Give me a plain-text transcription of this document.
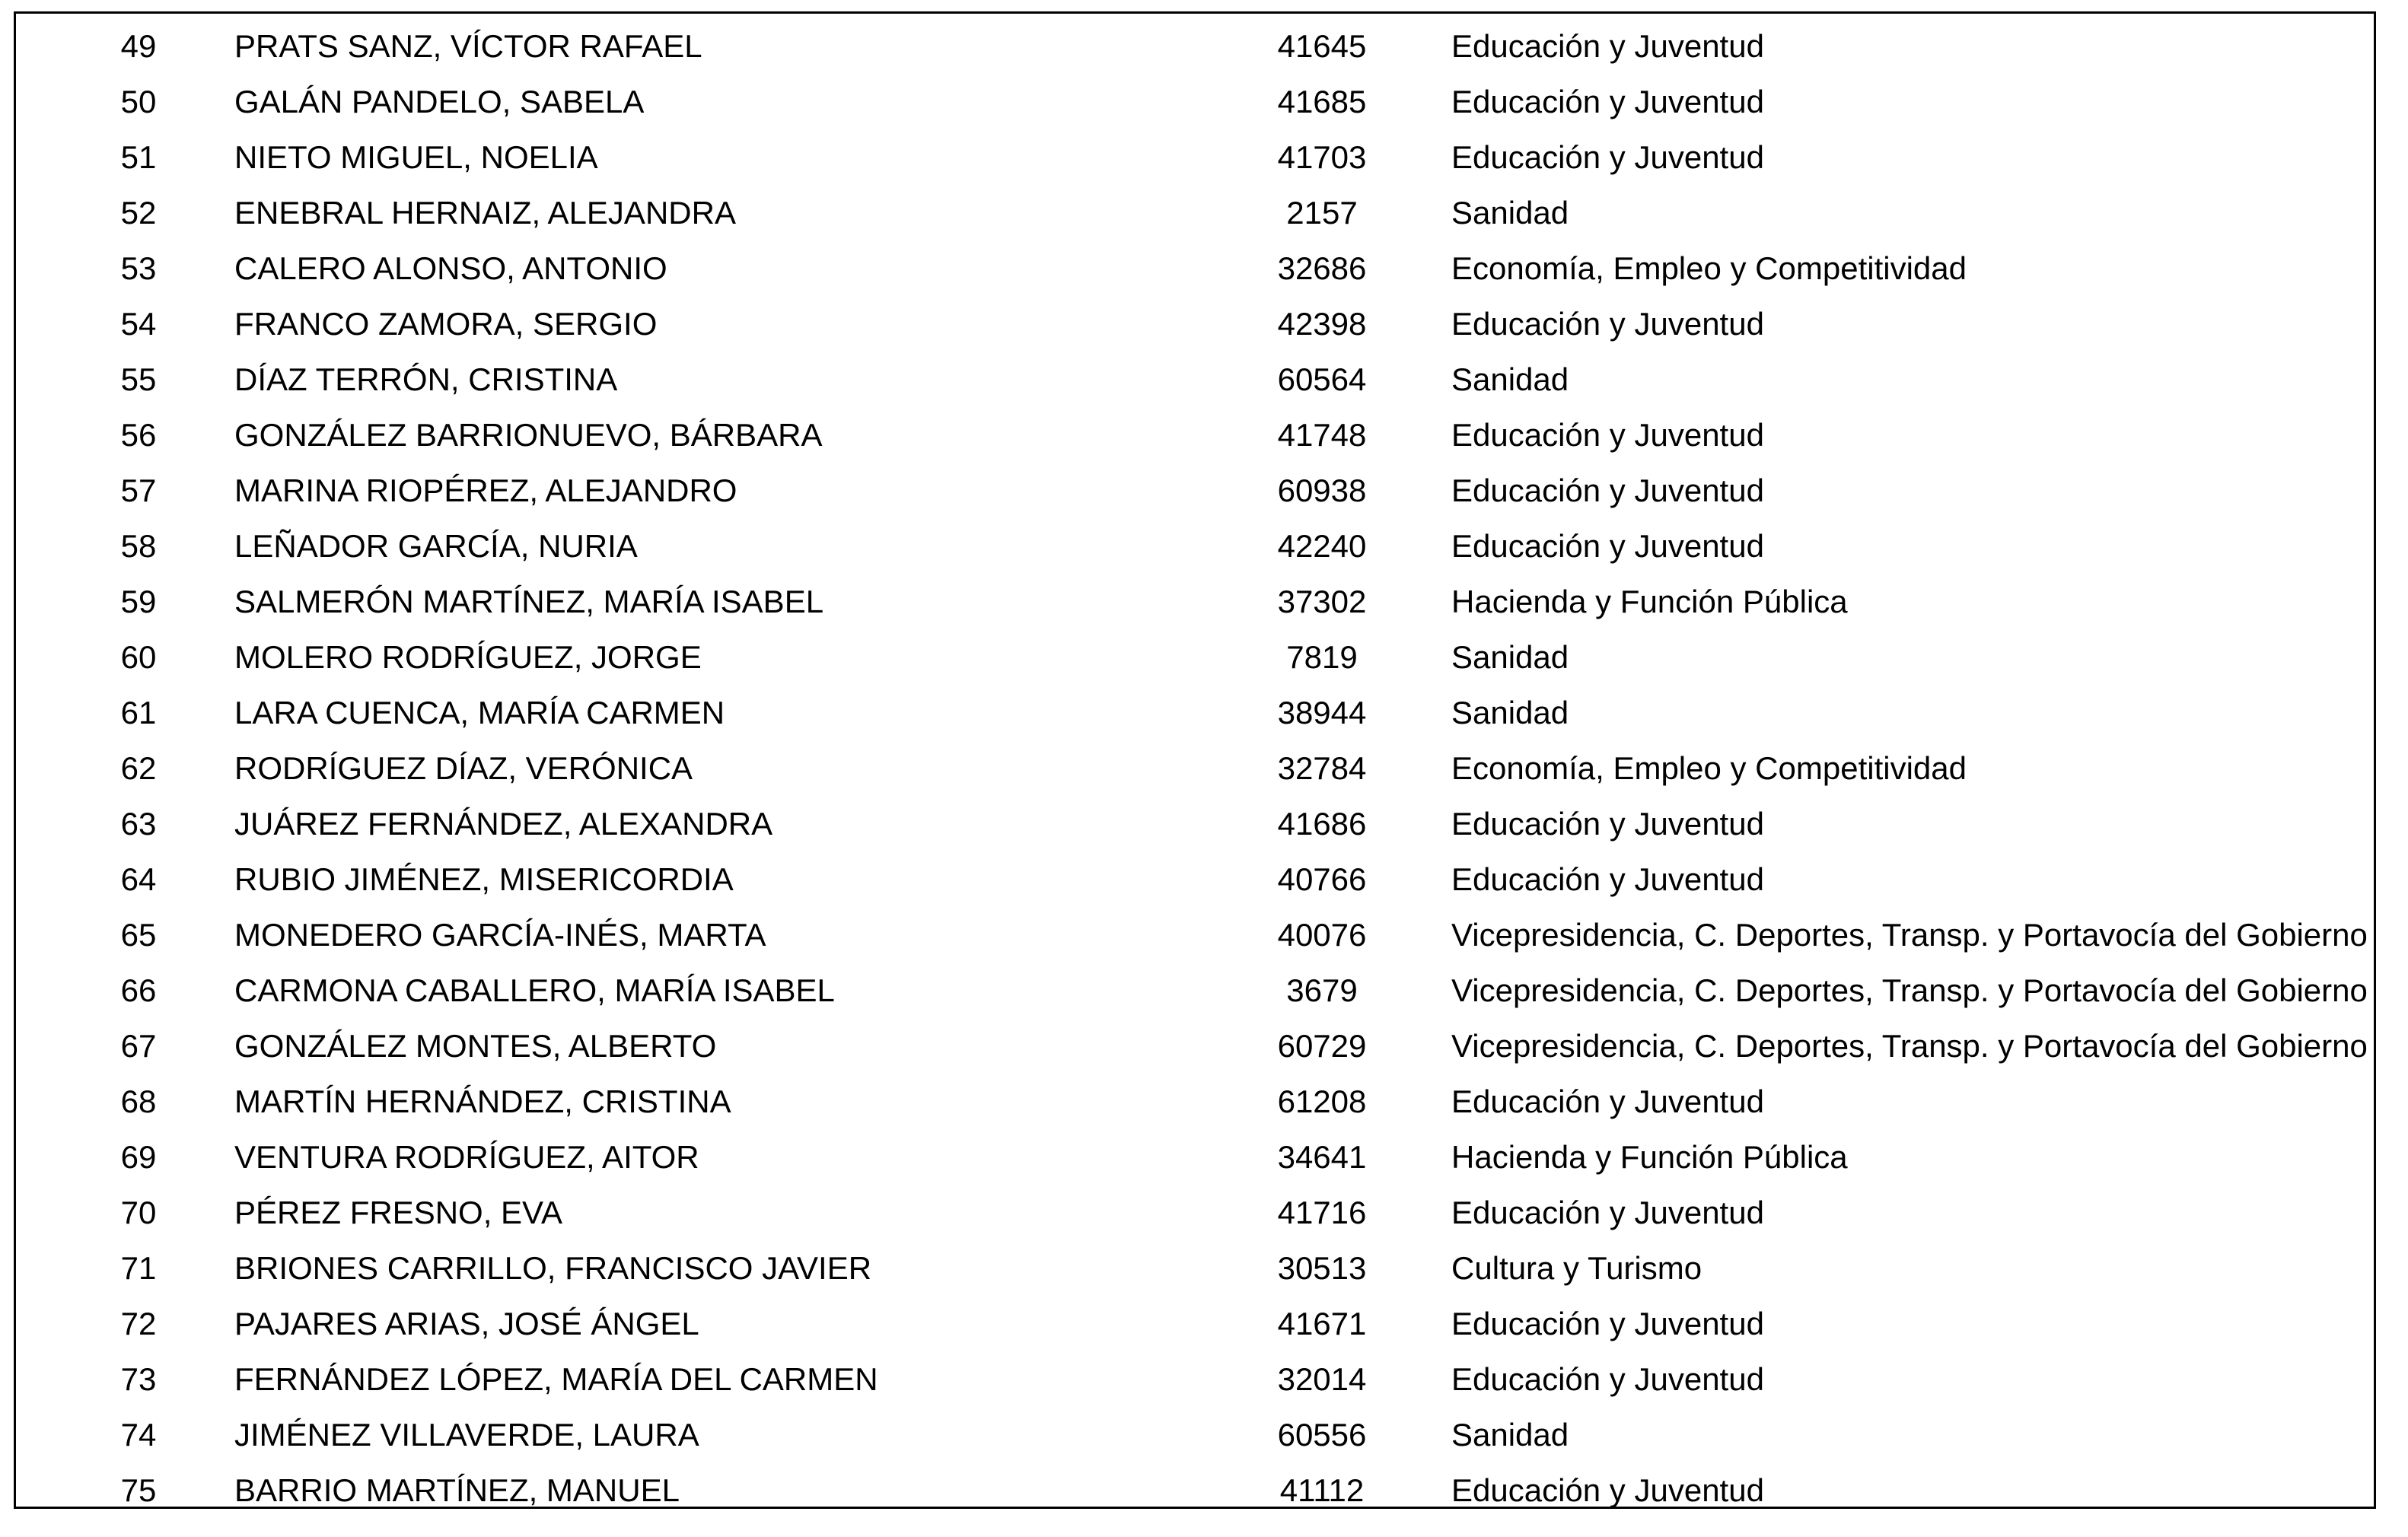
49	PRATS SANZ, VÍCTOR RAFAEL	41645	Educación y Juventud
50	GALÁN PANDELO, SABELA	41685	Educación y Juventud
51	NIETO MIGUEL, NOELIA	41703	Educación y Juventud
52	ENEBRAL HERNAIZ, ALEJANDRA	2157	Sanidad
53	CALERO ALONSO, ANTONIO	32686	Economía, Empleo y Competitividad
54	FRANCO ZAMORA, SERGIO	42398	Educación y Juventud
55	DÍAZ TERRÓN, CRISTINA	60564	Sanidad
56	GONZÁLEZ BARRIONUEVO, BÁRBARA	41748	Educación y Juventud
57	MARINA RIOPÉREZ, ALEJANDRO	60938	Educación y Juventud
58	LEÑADOR GARCÍA, NURIA	42240	Educación y Juventud
59	SALMERÓN MARTÍNEZ, MARÍA ISABEL	37302	Hacienda y Función Pública
60	MOLERO RODRÍGUEZ, JORGE	7819	Sanidad
61	LARA CUENCA, MARÍA CARMEN	38944	Sanidad
62	RODRÍGUEZ DÍAZ, VERÓNICA	32784	Economía, Empleo y Competitividad
63	JUÁREZ FERNÁNDEZ, ALEXANDRA	41686	Educación y Juventud
64	RUBIO JIMÉNEZ, MISERICORDIA	40766	Educación y Juventud
65	MONEDERO GARCÍA-INÉS, MARTA	40076	Vicepresidencia, C. Deportes, Transp. y Portavocía del Gobierno
66	CARMONA CABALLERO, MARÍA ISABEL	3679	Vicepresidencia, C. Deportes, Transp. y Portavocía del Gobierno
67	GONZÁLEZ MONTES, ALBERTO	60729	Vicepresidencia, C. Deportes, Transp. y Portavocía del Gobierno
68	MARTÍN HERNÁNDEZ, CRISTINA	61208	Educación y Juventud
69	VENTURA RODRÍGUEZ, AITOR	34641	Hacienda y Función Pública
70	PÉREZ FRESNO, EVA	41716	Educación y Juventud
71	BRIONES CARRILLO, FRANCISCO JAVIER	30513	Cultura y Turismo
72	PAJARES ARIAS, JOSÉ ÁNGEL	41671	Educación y Juventud
73	FERNÁNDEZ LÓPEZ, MARÍA DEL CARMEN	32014	Educación y Juventud
74	JIMÉNEZ VILLAVERDE, LAURA	60556	Sanidad
75	BARRIO MARTÍNEZ, MANUEL	41112	Educación y Juventud
